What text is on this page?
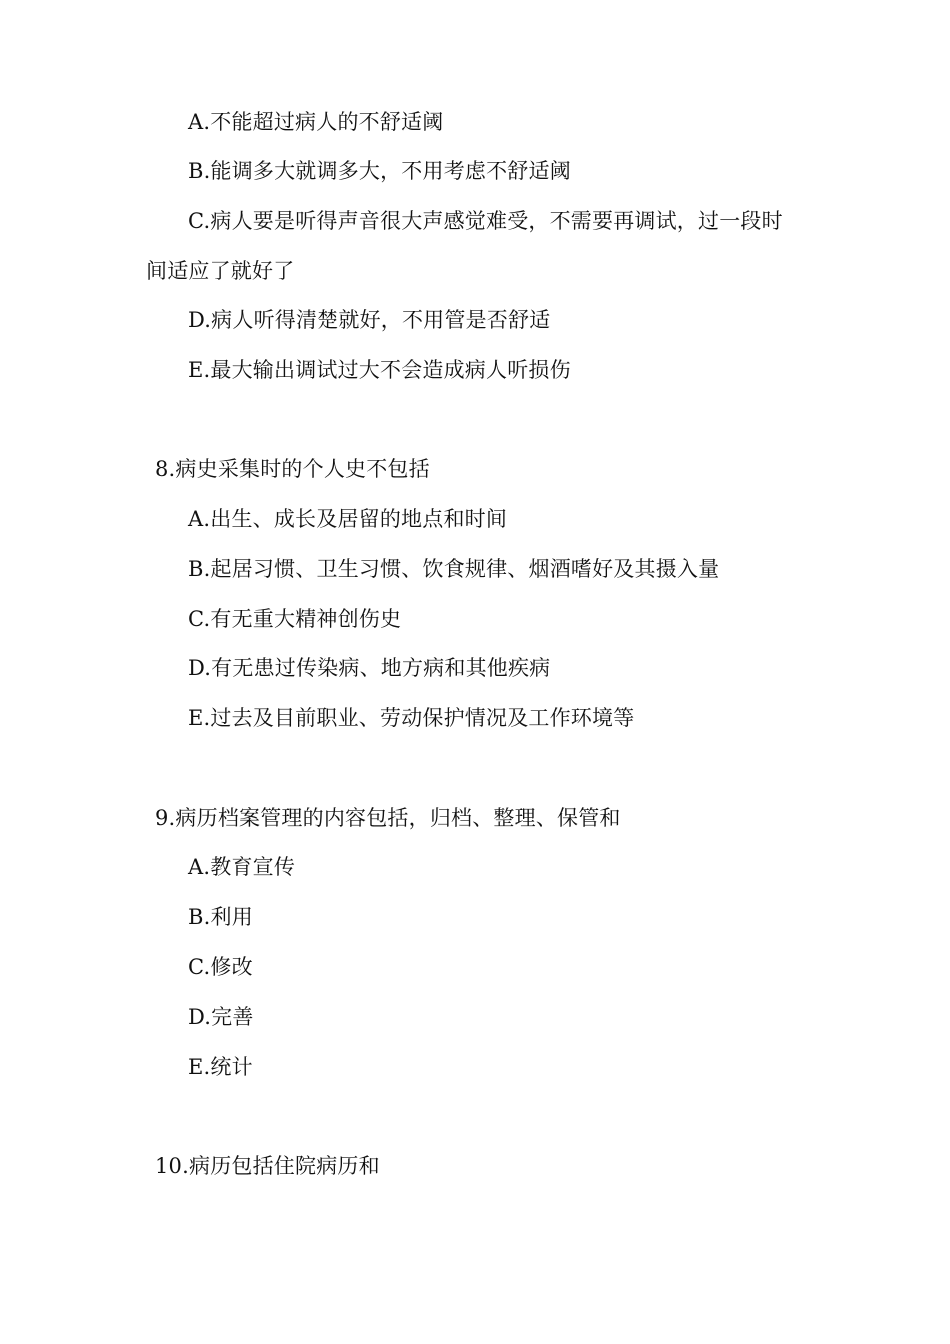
A.不能超过病人的不舒适阈
B.能调多大就调多大，不用考虑不舒适阈
C.病人要是听得声音很大声感觉难受，不需要再调试，过一段时
间适应了就好了
D.病人听得清楚就好，不用管是否舒适
E.最大输出调试过大不会造成病人听损伤
8.病史采集时的个人史不包括
A.出生、成长及居留的地点和时间
B.起居习惯、卫生习惯、饮食规律、烟酒嗜好及其摄入量
C.有无重大精神创伤史
D.有无患过传染病、地方病和其他疾病
E.过去及目前职业、劳动保护情况及工作环境等
9.病历档案管理的内容包括，归档、整理、保管和
A.教育宣传
B.利用
C.修改
D.完善
E.统计
10.病历包括住院病历和
